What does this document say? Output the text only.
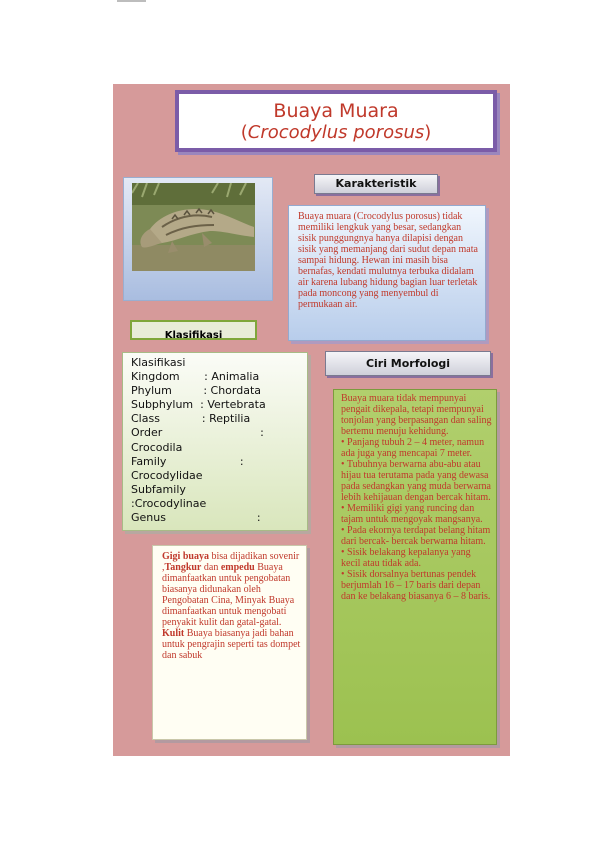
Buaya Muara
(Crocodylus porosus)
Karakteristik
Buaya muara (Crocodylus porosus) tidak memiliki lengkuk yang besar, sedangkan sisik punggungnya hanya dilapisi dengan sisik yang memanjang dari sudut depan mata sampai hidung. Hewan ini masih bisa bernafas, kendati mulutnya terbuka didalam air karena lubang hidung bagian luar terletak pada moncong yang menyembul di permukaan air.
Klasifikasi
Klasifikasi
Kingdom       : Animalia
Phylum         : Chordata
Subphylum  : Vertebrata
Class            : Reptilia
Order                            :
Crocodila
Family                     :
Crocodylidae
Subfamily
:Crocodylinae
Genus                          :
Ciri Morfologi

Buaya muara tidak mempunyai pengait dikepala, tetapi mempunyai tonjolan yang berpasangan dan saling bertemu menuju kehidung.

• Panjang tubuh 2 – 4 meter, namun ada juga yang mencapai 7 meter.

• Tubuhnya berwarna abu-abu atau hijau tua terutama pada yang dewasa pada sedangkan yang muda berwarna lebih kehijauan dengan bercak hitam.

• Memiliki gigi yang runcing dan tajam untuk mengoyak mangsanya.

• Pada ekornya terdapat belang hitam dari bercak- bercak berwarna hitam.

• Sisik belakang kepalanya yang kecil atau tidak ada.

• Sisik dorsalnya bertunas pendek berjumlah 16 – 17 baris dari depan dan ke belakang biasanya 6 – 8 baris.

Gigi buaya bisa dijadikan sovenir ,Tangkur dan empedu Buaya dimanfaatkan untuk pengobatan biasanya didunakan oleh Pengobatan Cina, Minyak Buaya dimanfaatkan untuk mengobati penyakit kulit dan gatal-gatal. Kulit Buaya biasanya jadi bahan untuk pengrajin seperti tas dompet dan sabuk
